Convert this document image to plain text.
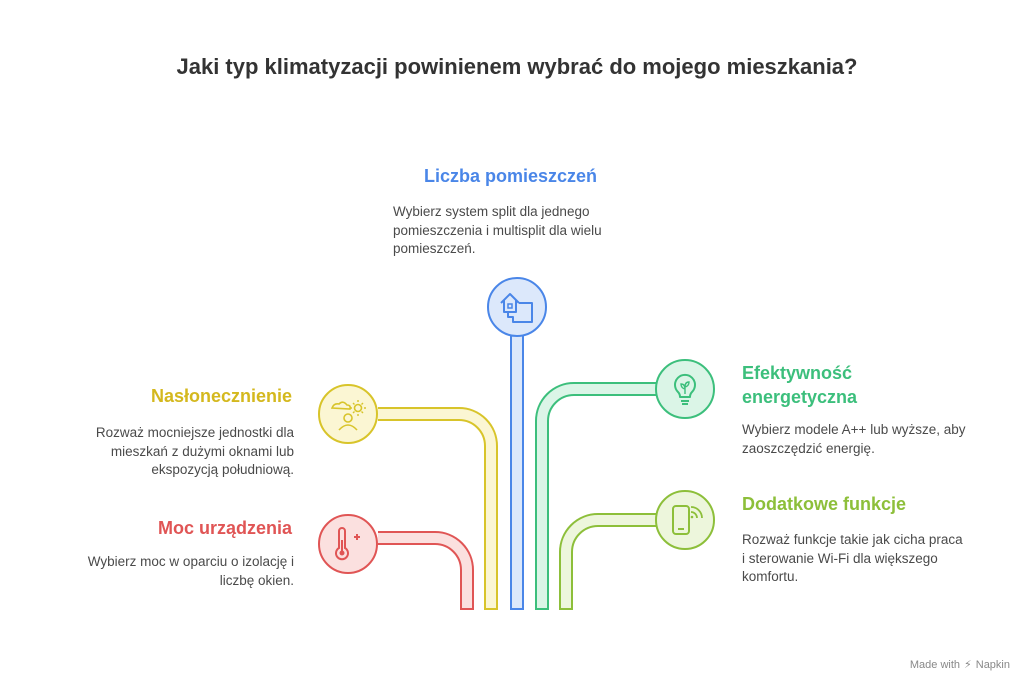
Jaki typ klimatyzacji powinienem wybrać do mojego mieszkania?
Liczba pomieszczeń
Wybierz system split dla jednego pomieszczenia i multisplit dla wielu pomieszczeń.
Nasłonecznienie
Rozważ mocniejsze jednostki dla mieszkań z dużymi oknami lub ekspozycją południową.
Moc urządzenia
Wybierz moc w oparciu o izolację i liczbę okien.
Efektywność
energetyczna
Wybierz modele A++ lub wyższe, aby zaoszczędzić energię.
Dodatkowe funkcje
Rozważ funkcje takie jak cicha praca i sterowanie Wi-Fi dla większego komfortu.
Made with ⚡ Napkin
